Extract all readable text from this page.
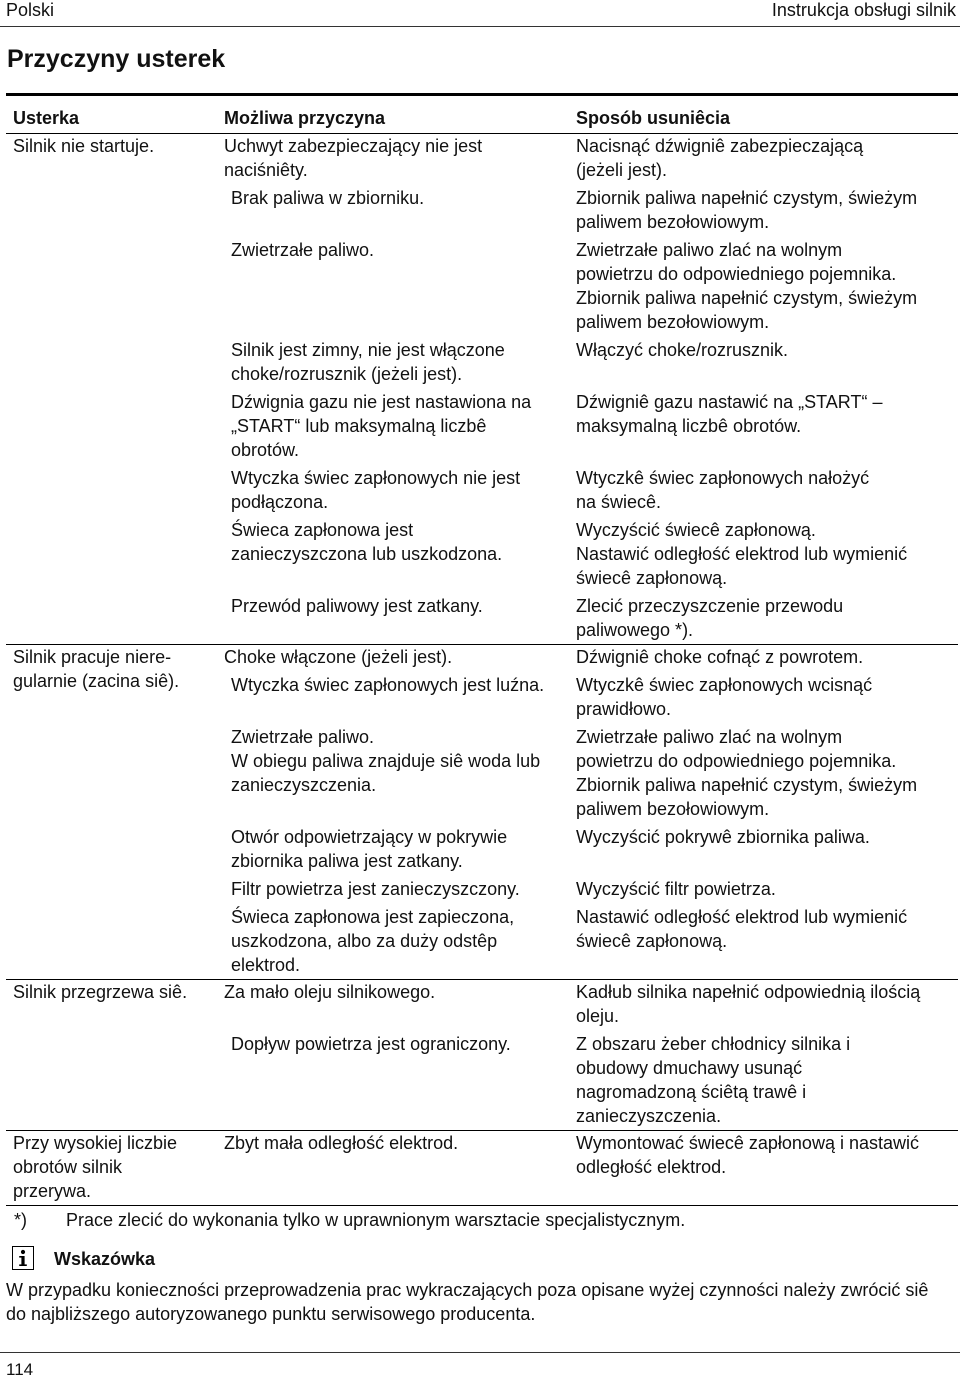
Polski	Instrukcja obsługi silnik
Przyczyny usterek
Usterka	Możliwa przyczyna	Sposób usuniêcia
Silnik nie startuje.	Uchwyt zabezpieczający nie jest
naciśniêty.	Nacisnąć dźwigniê zabezpieczającą
(jeżeli jest).
	Brak paliwa w zbiorniku.	Zbiornik paliwa napełnić czystym, świeżym
paliwem bezołowiowym.
	Zwietrzałe paliwo.	Zwietrzałe paliwo zlać na wolnym
powietrzu do odpowiedniego pojemnika.
Zbiornik paliwa napełnić czystym, świeżym
paliwem bezołowiowym.
	Silnik jest zimny, nie jest włączone
choke/rozrusznik (jeżeli jest).	Włączyć choke/rozrusznik.
	Dźwignia gazu nie jest nastawiona na
„START“ lub maksymalną liczbê
obrotów.	Dźwigniê gazu nastawić na „START“ –
maksymalną liczbê obrotów.
	Wtyczka świec zapłonowych nie jest
podłączona.	Wtyczkê świec zapłonowych nałożyć
na świecê.
	Świeca zapłonowa jest
zanieczyszczona lub uszkodzona.	Wyczyścić świecê zapłonową.
Nastawić odległość elektrod lub wymienić
świecê zapłonową.
	Przewód paliwowy jest zatkany.	Zlecić przeczyszczenie przewodu
paliwowego *).
Silnik pracuje niere-
gularnie (zacina siê).	Choke włączone (jeżeli jest).	Dźwigniê choke cofnąć z powrotem.
	Wtyczka świec zapłonowych jest luźna.	Wtyczkê świec zapłonowych wcisnąć
prawidłowo.
	Zwietrzałe paliwo.
W obiegu paliwa znajduje siê woda lub
zanieczyszczenia.	Zwietrzałe paliwo zlać na wolnym
powietrzu do odpowiedniego pojemnika.
Zbiornik paliwa napełnić czystym, świeżym
paliwem bezołowiowym.
	Otwór odpowietrzający w pokrywie
zbiornika paliwa jest zatkany.	Wyczyścić pokrywê zbiornika paliwa.
	Filtr powietrza jest zanieczyszczony.	Wyczyścić filtr powietrza.
	Świeca zapłonowa jest zapieczona,
uszkodzona, albo za duży odstêp
elektrod.	Nastawić odległość elektrod lub wymienić
świecê zapłonową.
Silnik przegrzewa siê.	Za mało oleju silnikowego.	Kadłub silnika napełnić odpowiednią ilością
oleju.
	Dopływ powietrza jest ograniczony.	Z obszaru żeber chłodnicy silnika i
obudowy dmuchawy usunąć
nagromadzoną ściêtą trawê i
zanieczyszczenia.
Przy wysokiej liczbie
obrotów silnik
przerywa.	Zbyt mała odległość elektrod.	Wymontować świecê zapłonową i nastawić
odległość elektrod.
*) Prace zlecić do wykonania tylko w uprawnionym warsztacie specjalistycznym.
Wskazówka
W przypadku konieczności przeprowadzenia prac wykraczających poza opisane wyżej czynności należy zwrócić siê do najbliższego autoryzowanego punktu serwisowego producenta.
114
